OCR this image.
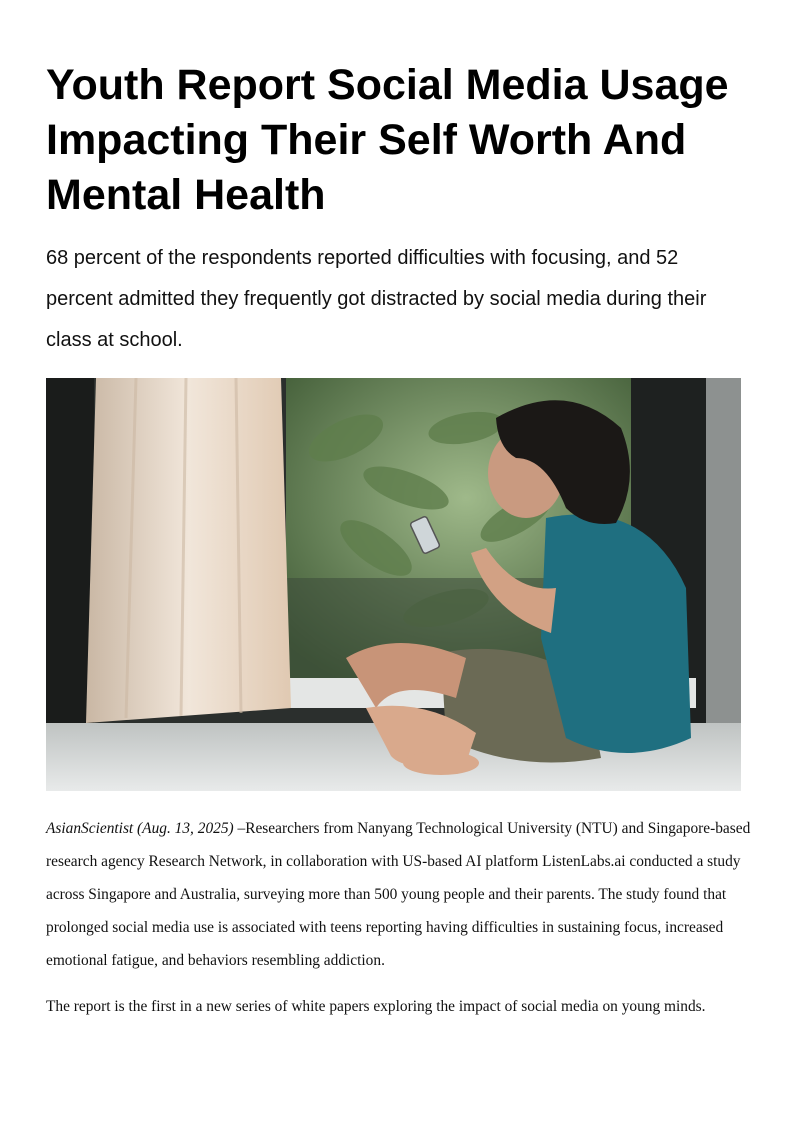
Youth Report Social Media Usage Impacting Their Self Worth And Mental Health

68 percent of the respondents reported difficulties with focusing, and 52 percent admitted they frequently got distracted by social media during their class at school.

AsianScientist (Aug. 13, 2025) –Researchers from Nanyang Technological University (NTU) and Singapore-based research agency Research Network, in collaboration with US-based AI platform ListenLabs.ai conducted a study across Singapore and Australia, surveying more than 500 young people and their parents. The study found that prolonged social media use is associated with teens reporting having difficulties in sustaining focus, increased emotional fatigue, and behaviors resembling addiction.

The report is the first in a new series of white papers exploring the impact of social media on young minds.
